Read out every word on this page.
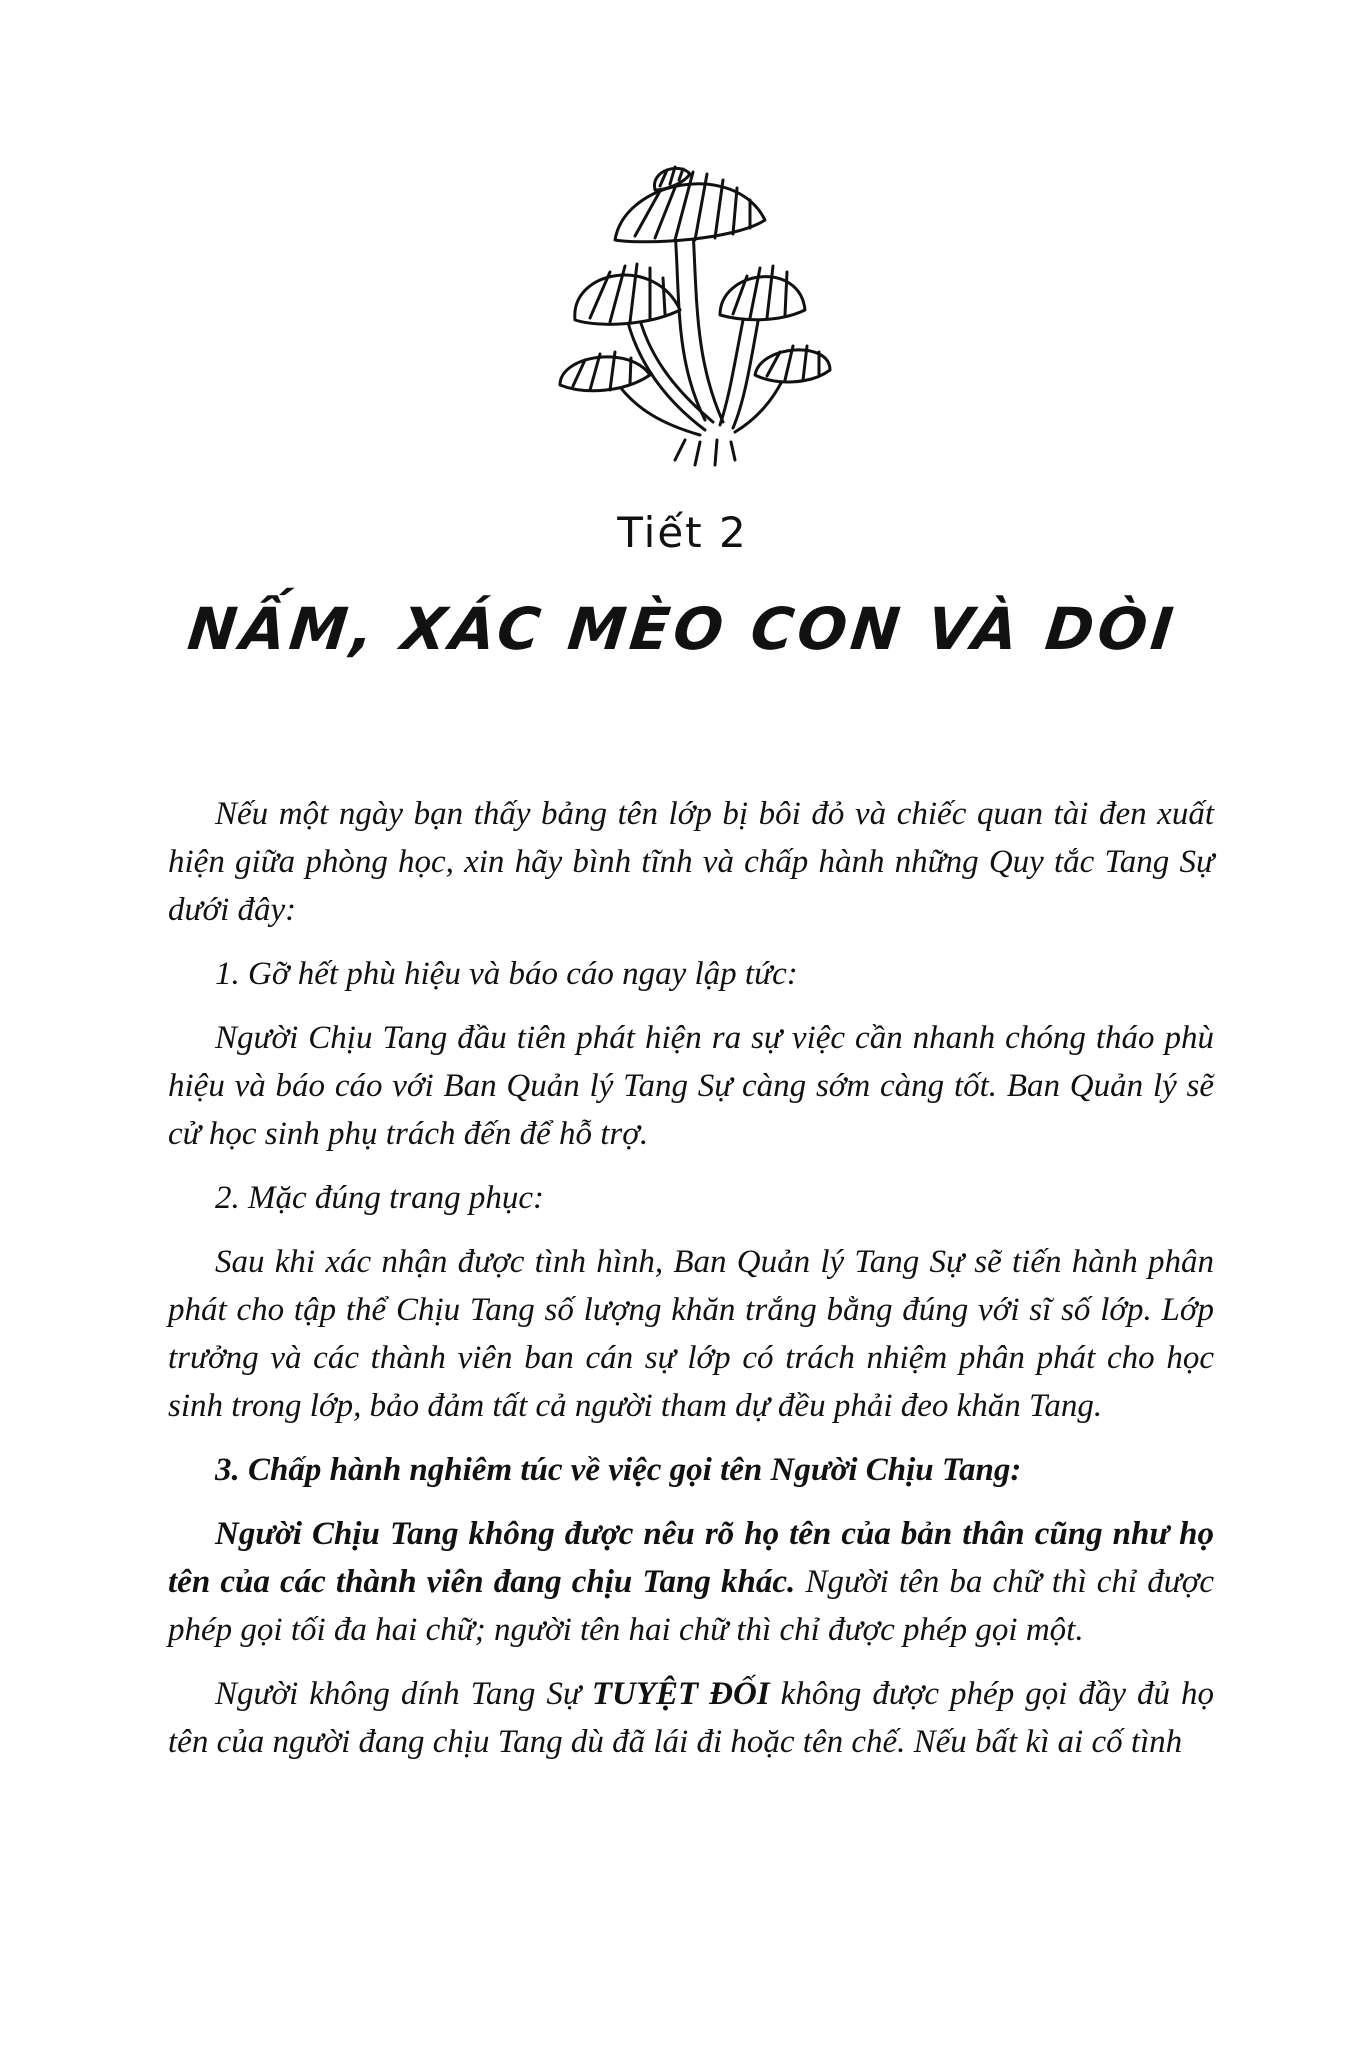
Tiết 2
NẤM, XÁC MÈO CON VÀ DÒI

Nếu một ngày bạn thấy bảng tên lớp bị bôi đỏ và chiếc quan tài đen xuất hiện giữa phòng học, xin hãy bình tĩnh và chấp hành những Quy tắc Tang Sự dưới đây:

1. Gỡ hết phù hiệu và báo cáo ngay lập tức:

Người Chịu Tang đầu tiên phát hiện ra sự việc cần nhanh chóng tháo phù hiệu và báo cáo với Ban Quản lý Tang Sự càng sớm càng tốt. Ban Quản lý sẽ cử học sinh phụ trách đến để hỗ trợ.

2. Mặc đúng trang phục:

Sau khi xác nhận được tình hình, Ban Quản lý Tang Sự sẽ tiến hành phân phát cho tập thể Chịu Tang số lượng khăn trắng bằng đúng với sĩ số lớp. Lớp trưởng và các thành viên ban cán sự lớp có trách nhiệm phân phát cho học sinh trong lớp, bảo đảm tất cả người tham dự đều phải đeo khăn Tang.

3. Chấp hành nghiêm túc về việc gọi tên Người Chịu Tang:

Người Chịu Tang không được nêu rõ họ tên của bản thân cũng như họ tên của các thành viên đang chịu Tang khác. Người tên ba chữ thì chỉ được phép gọi tối đa hai chữ; người tên hai chữ thì chỉ được phép gọi một.

Người không dính Tang Sự TUYỆT ĐỐI không được phép gọi đầy đủ họ tên của người đang chịu Tang dù đã lái đi hoặc tên chế. Nếu bất kì ai cố tình
